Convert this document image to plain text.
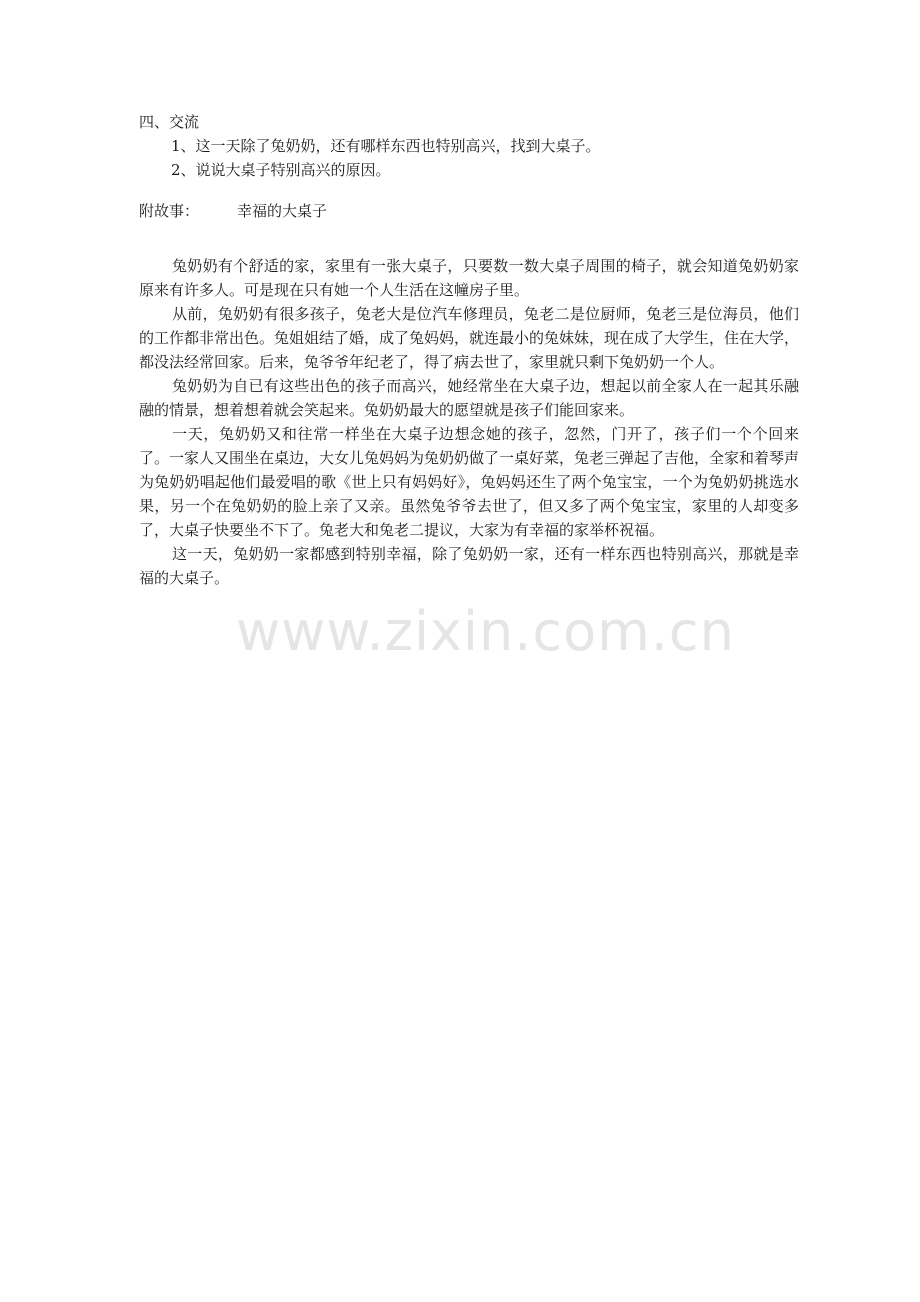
四、交流

1、这一天除了兔奶奶，还有哪样东西也特别高兴，找到大桌子。

2、说说大桌子特别高兴的原因。

附故事：	幸福的大桌子

兔奶奶有个舒适的家，家里有一张大桌子，只要数一数大桌子周围的椅子，就会知道兔奶奶家原来有许多人。可是现在只有她一个人生活在这幢房子里。

从前，兔奶奶有很多孩子，兔老大是位汽车修理员，兔老二是位厨师，兔老三是位海员，他们的工作都非常出色。兔姐姐结了婚，成了兔妈妈，就连最小的兔妹妹，现在成了大学生，住在大学，都没法经常回家。后来，兔爷爷年纪老了，得了病去世了，家里就只剩下兔奶奶一个人。

兔奶奶为自已有这些出色的孩子而高兴，她经常坐在大桌子边，想起以前全家人在一起其乐融融的情景，想着想着就会笑起来。兔奶奶最大的愿望就是孩子们能回家来。

一天，兔奶奶又和往常一样坐在大桌子边想念她的孩子，忽然，门开了，孩子们一个个回来了。一家人又围坐在桌边，大女儿兔妈妈为兔奶奶做了一桌好菜，兔老三弹起了吉他，全家和着琴声为兔奶奶唱起他们最爱唱的歌《世上只有妈妈好》，兔妈妈还生了两个兔宝宝，一个为兔奶奶挑选水果，另一个在兔奶奶的脸上亲了又亲。虽然兔爷爷去世了，但又多了两个兔宝宝，家里的人却变多了，大桌子快要坐不下了。兔老大和兔老二提议，大家为有幸福的家举杯祝福。

这一天，兔奶奶一家都感到特别幸福，除了兔奶奶一家，还有一样东西也特别高兴，那就是幸福的大桌子。

www.zixin.com.cn
